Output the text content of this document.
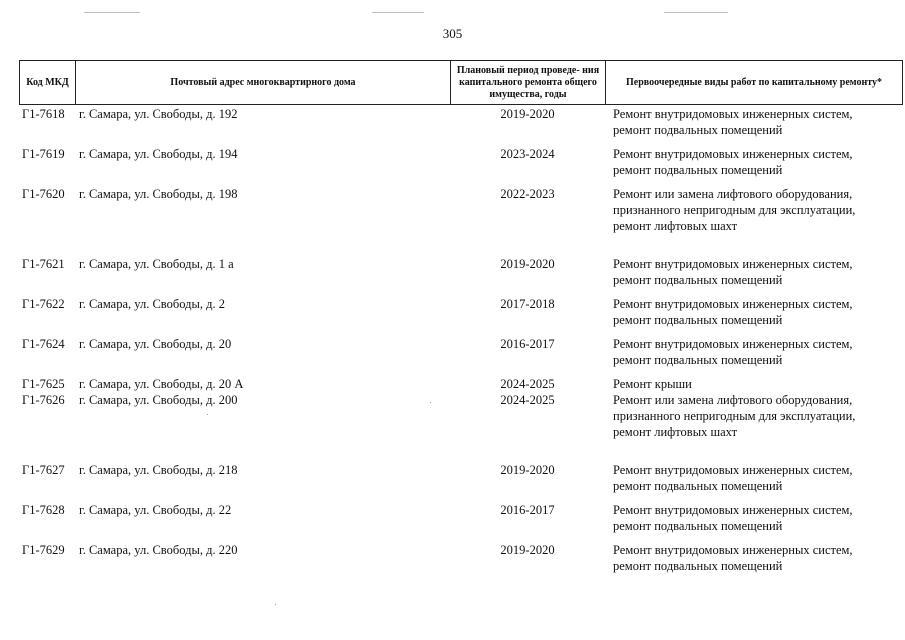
305
Код МКД	Почтовый адрес многоквартирного дома	Плановый период проведе- ния капитального ремонта общего имущества, годы	Первоочередные виды работ по капитальному ремонту*
Г1-7618	г. Самара, ул. Свободы, д. 192	2019-2020	Ремонт внутридомовых инженерных систем,
ремонт подвальных помещений

Г1-7619	г. Самара, ул. Свободы, д. 194	2023-2024	Ремонт внутридомовых инженерных систем,
ремонт подвальных помещений

Г1-7620	г. Самара, ул. Свободы, д. 198	2022-2023	Ремонт или замена лифтового оборудования,
признанного непригодным для эксплуатации,
ремонт лифтовых шахт

Г1-7621	г. Самара, ул. Свободы, д. 1 а	2019-2020	Ремонт внутридомовых инженерных систем,
ремонт подвальных помещений

Г1-7622	г. Самара, ул. Свободы, д. 2	2017-2018	Ремонт внутридомовых инженерных систем,
ремонт подвальных помещений

Г1-7624	г. Самара, ул. Свободы, д. 20	2016-2017	Ремонт внутридомовых инженерных систем,
ремонт подвальных помещений

Г1-7625	г. Самара, ул. Свободы, д. 20 А	2024-2025	Ремонт крыши

Г1-7626	г. Самара, ул. Свободы, д. 200	2024-2025	Ремонт или замена лифтового оборудования,
признанного непригодным для эксплуатации,
ремонт лифтовых шахт

Г1-7627	г. Самара, ул. Свободы, д. 218	2019-2020	Ремонт внутридомовых инженерных систем,
ремонт подвальных помещений

Г1-7628	г. Самара, ул. Свободы, д. 22	2016-2017	Ремонт внутридомовых инженерных систем,
ремонт подвальных помещений

Г1-7629	г. Самара, ул. Свободы, д. 220	2019-2020	Ремонт внутридомовых инженерных систем,
ремонт подвальных помещений
